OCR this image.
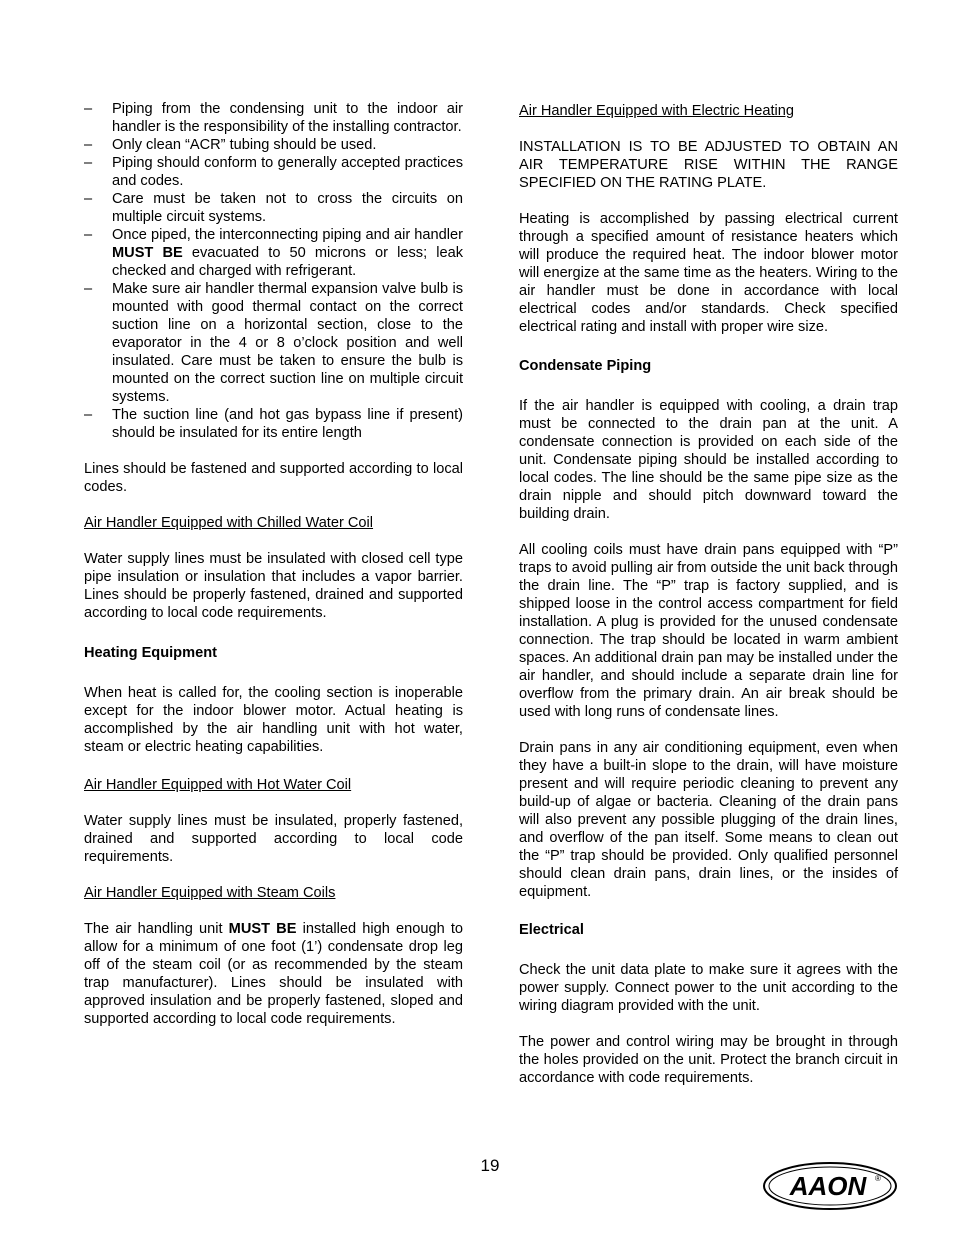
– Piping from the condensing unit to the indoor air handler is the responsibility of the installing contractor.
– Only clean “ACR” tubing should be used.
– Piping should conform to generally accepted practices and codes.
– Care must be taken not to cross the circuits on multiple circuit systems.
– Once piped, the interconnecting piping and air handler MUST BE evacuated to 50 microns or less; leak checked and charged with refrigerant.
– Make sure air handler thermal expansion valve bulb is mounted with good thermal contact on the correct suction line on a horizontal section, close to the evaporator in the 4 or 8 o’clock position and well insulated. Care must be taken to ensure the bulb is mounted on the correct suction line on multiple circuit systems.
– The suction line (and hot gas bypass line if present) should be insulated for its entire length

Lines should be fastened and supported according to local codes.

Air Handler Equipped with Chilled Water Coil

Water supply lines must be insulated with closed cell type pipe insulation or insulation that includes a vapor barrier. Lines should be properly fastened, drained and supported according to local code requirements.

Heating Equipment

When heat is called for, the cooling section is inoperable except for the indoor blower motor. Actual heating is accomplished by the air handling unit with hot water, steam or electric heating capabilities.

Air Handler Equipped with Hot Water Coil

Water supply lines must be insulated, properly fastened, drained and supported according to local code requirements.

Air Handler Equipped with Steam Coils

The air handling unit MUST BE installed high enough to allow for a minimum of one foot (1’) condensate drop leg off of the steam coil (or as recommended by the steam trap manufacturer). Lines should be insulated with approved insulation and be properly fastened, sloped and supported according to local code requirements.

Air Handler Equipped with Electric Heating

INSTALLATION IS TO BE ADJUSTED TO OBTAIN AN AIR TEMPERATURE RISE WITHIN THE RANGE SPECIFIED ON THE RATING PLATE.

Heating is accomplished by passing electrical current through a specified amount of resistance heaters which will produce the required heat. The indoor blower motor will energize at the same time as the heaters. Wiring to the air handler must be done in accordance with local electrical codes and/or standards. Check specified electrical rating and install with proper wire size.

Condensate Piping

If the air handler is equipped with cooling, a drain trap must be connected to the drain pan at the unit. A condensate connection is provided on each side of the unit. Condensate piping should be installed according to local codes. The line should be the same pipe size as the drain nipple and should pitch downward toward the building drain.

All cooling coils must have drain pans equipped with “P” traps to avoid pulling air from outside the unit back through the drain line. The “P” trap is factory supplied, and is shipped loose in the control access compartment for field installation. A plug is provided for the unused condensate connection. The trap should be located in warm ambient spaces. An additional drain pan may be installed under the air handler, and should include a separate drain line for overflow from the primary drain. An air break should be used with long runs of condensate lines.

Drain pans in any air conditioning equipment, even when they have a built-in slope to the drain, will have moisture present and will require periodic cleaning to prevent any build-up of algae or bacteria. Cleaning of the drain pans will also prevent any possible plugging of the drain lines, and overflow of the pan itself. Some means to clean out the “P” trap should be provided. Only qualified personnel should clean drain pans, drain lines, or the insides of equipment.

Electrical

Check the unit data plate to make sure it agrees with the power supply. Connect power to the unit according to the wiring diagram provided with the unit.

The power and control wiring may be brought in through the holes provided on the unit. Protect the branch circuit in accordance with code requirements.

19
AAON ®
